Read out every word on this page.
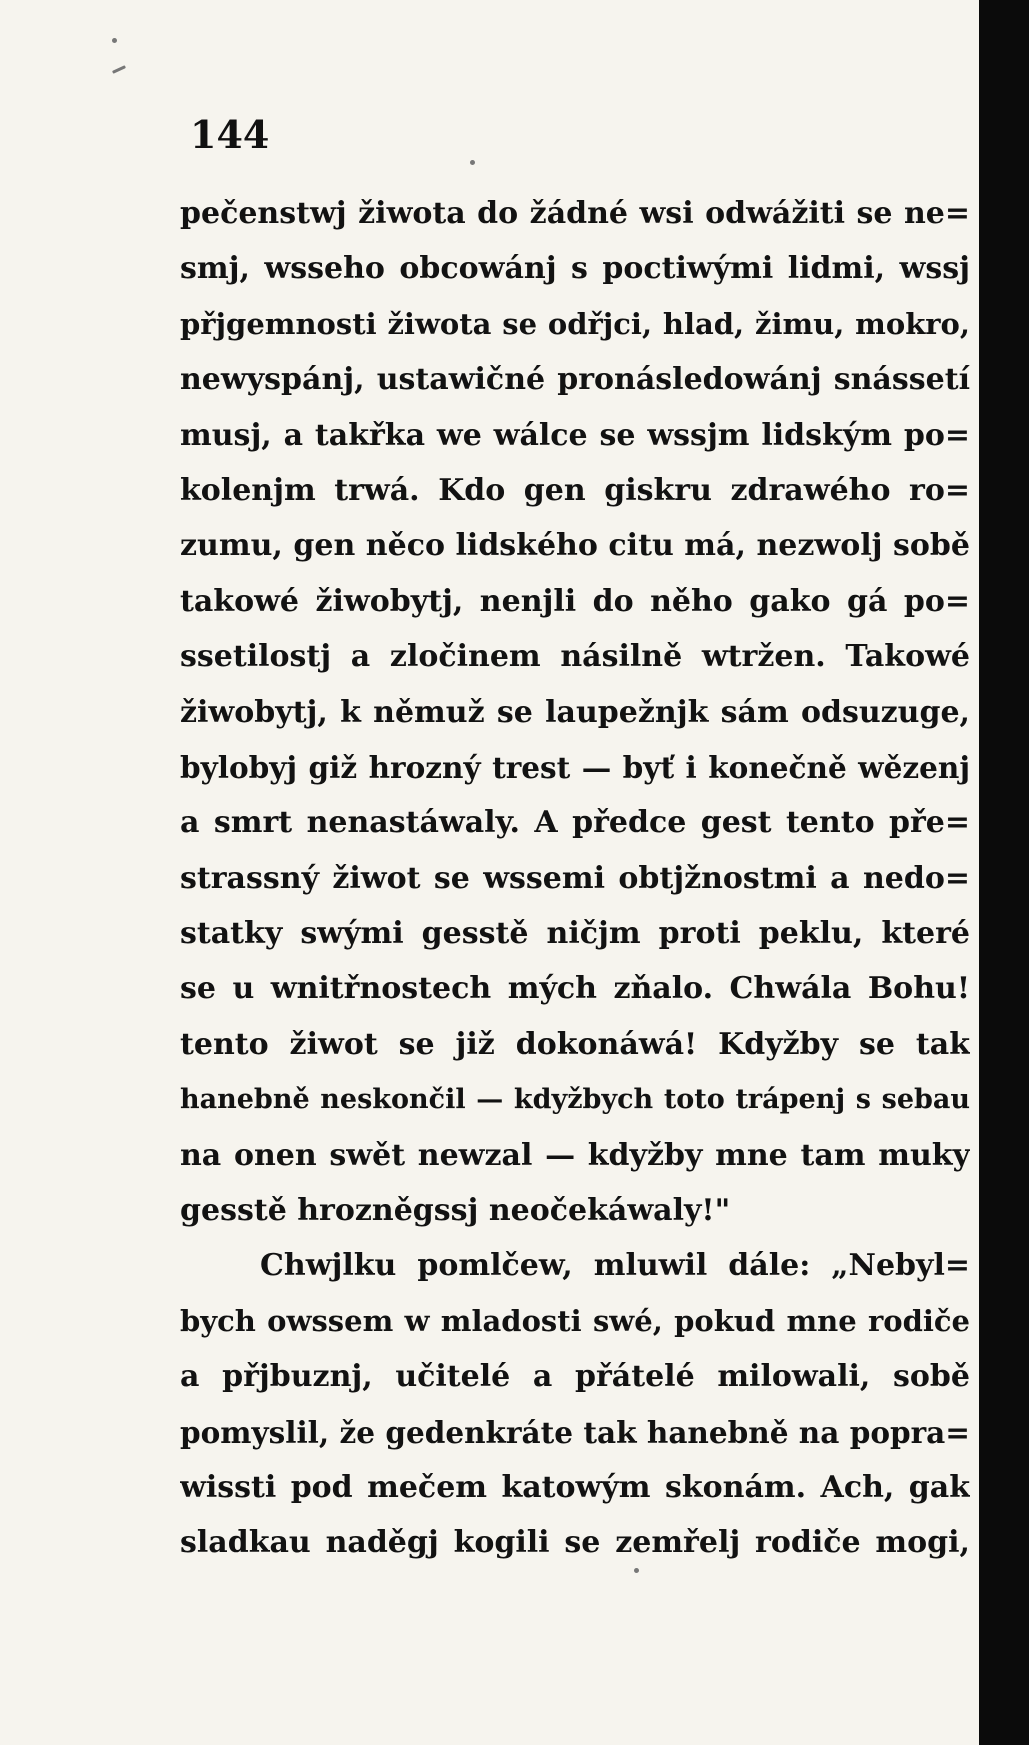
144

pečenstwj žiwota do žádné wsi odwážiti se ne=
smj, wsseho obcowánj s poctiwými lidmi, wssj
přjgemnosti žiwota se odřjci, hlad, žimu, mokro,
newyspánj, ustawičné pronásledowánj snássetí
musj, a takřka we wálce se wssjm lidským po=
kolenjm trwá. Kdo gen giskru zdrawého ro=
zumu, gen něco lidského citu má, nezwolj sobě
takowé žiwobytj, nenjli do něho gako gá po=
ssetilostj a zločinem násilně wtržen. Takowé
žiwobytj, k němuž se laupežnjk sám odsuzuge,
bylobyj giž hrozný trest — byť i konečně wězenj
a smrt nenastáwaly. A předce gest tento pře=
strassný žiwot se wssemi obtjžnostmi a nedo=
statky swými gesstě ničjm proti peklu, které
se u wnitřnostech mých zňalo. Chwála Bohu!
tento žiwot se již dokonáwá! Kdyžby se tak
hanebně neskončil — kdyžbych toto trápenj s sebau
na onen swět newzal — kdyžby mne tam muky
gesstě hrozněgssj neočekáwaly!"
Chwjlku pomlčew, mluwil dále: „Nebyl=
bych owssem w mladosti swé, pokud mne rodiče
a přjbuznj, učitelé a přátelé milowali, sobě
pomyslil, že gedenkráte tak hanebně na popra=
wissti pod mečem katowým skonám. Ach, gak
sladkau naděgj kogili se zemřelj rodiče mogi,
